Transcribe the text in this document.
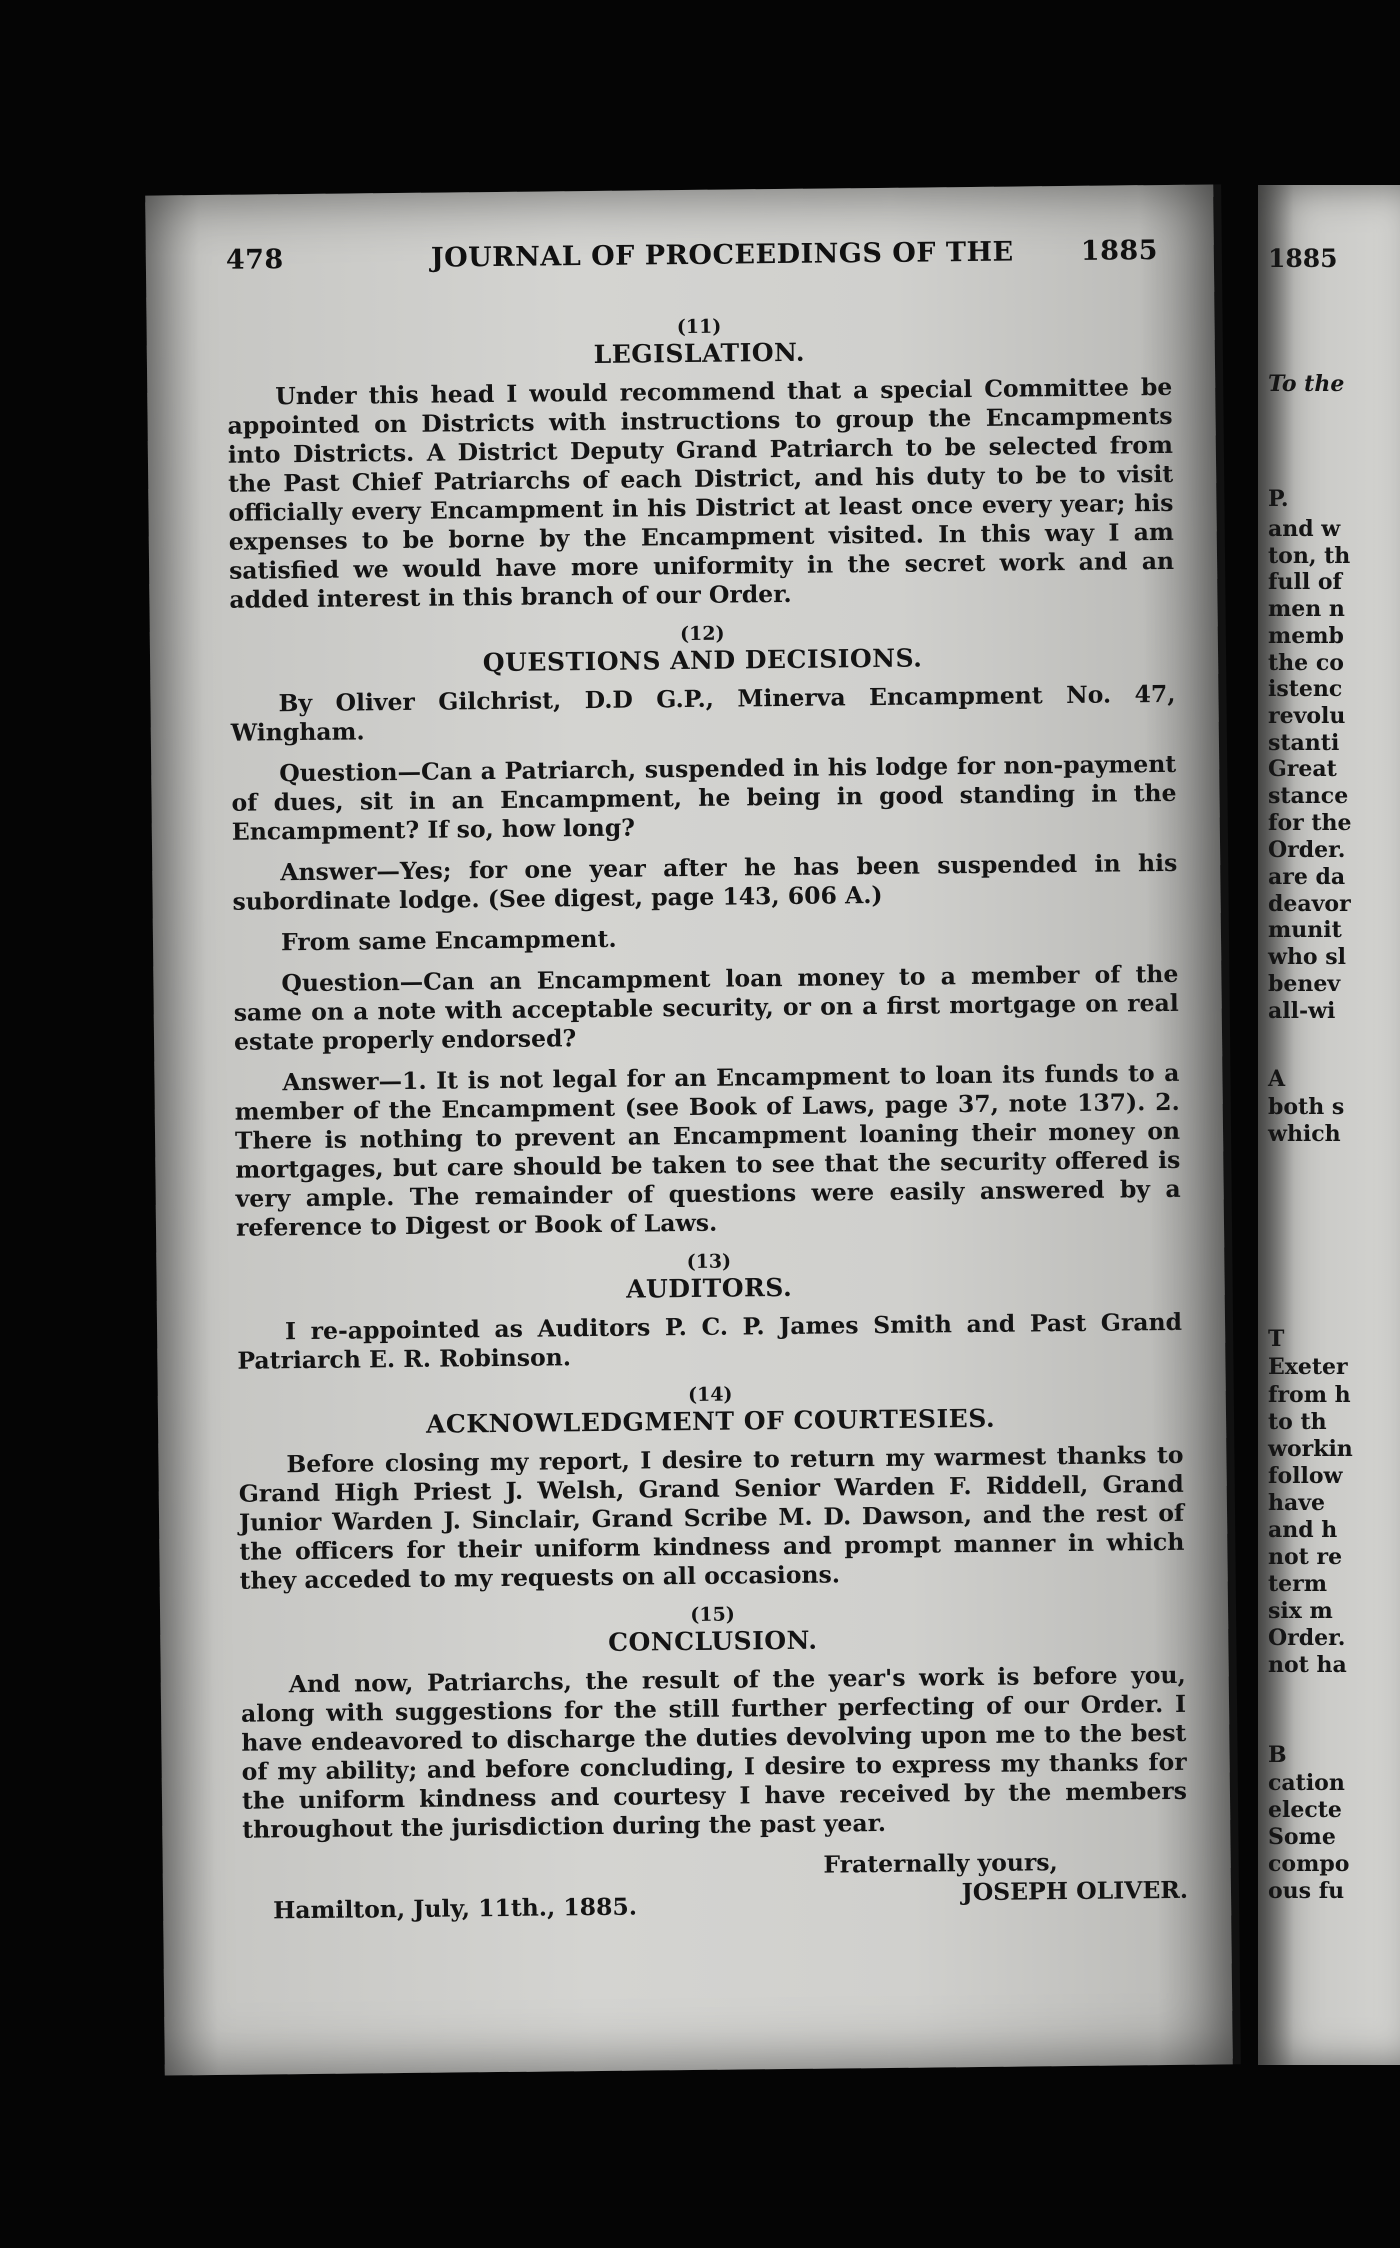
478	JOURNAL OF PROCEEDINGS OF THE 1885
(11)
LEGISLATION.

Under this head I would recommend that a special Committee be appointed on Districts with instructions to group the Encampments into Districts. A District Deputy Grand Patriarch to be selected from the Past Chief Patriarchs of each District, and his duty to be to visit officially every Encampment in his District at least once every year; his expenses to be borne by the Encampment visited. In this way I am satisfied we would have more uniformity in the secret work and an added interest in this branch of our Order.

(12)
QUESTIONS AND DECISIONS.

By Oliver Gilchrist, D.D G.P., Minerva Encampment No. 47, Wingham.

Question—Can a Patriarch, suspended in his lodge for non-payment of dues, sit in an Encampment, he being in good standing in the Encampment? If so, how long?

Answer—Yes; for one year after he has been suspended in his subordinate lodge. (See digest, page 143, 606 A.)

From same Encampment.

Question—Can an Encampment loan money to a member of the same on a note with acceptable security, or on a first mortgage on real estate properly endorsed?

Answer—1. It is not legal for an Encampment to loan its funds to a member of the Encampment (see Book of Laws, page 37, note 137). 2. There is nothing to prevent an Encampment loaning their money on mortgages, but care should be taken to see that the security offered is very ample. The remainder of questions were easily answered by a reference to Digest or Book of Laws.

(13)
AUDITORS.

I re-appointed as Auditors P. C. P. James Smith and Past Grand Patriarch E. R. Robinson.

(14)
ACKNOWLEDGMENT OF COURTESIES.

Before closing my report, I desire to return my warmest thanks to Grand High Priest J. Welsh, Grand Senior Warden F. Riddell, Grand Junior Warden J. Sinclair, Grand Scribe M. D. Dawson, and the rest of the officers for their uniform kindness and prompt manner in which they acceded to my requests on all occasions.

(15)
CONCLUSION.

And now, Patriarchs, the result of the year's work is before you, along with suggestions for the still further perfecting of our Order. I have endeavored to discharge the duties devolving upon me to the best of my ability; and before concluding, I desire to express my thanks for the uniform kindness and courtesy I have received by the members throughout the jurisdiction during the past year.

Hamilton, July, 11th., 1885.
Fraternally yours,
JOSEPH OLIVER.
1885
To the
P.
and w
ton, th
full of
men n
memb
the co
istenc
revolu
stanti
Great
stance
for the
Order.
are da
deavor
munit
who sl
benev
all-wi
A
both s
which
T
Exeter
from h
to th
workin
follow
have
and h
not re
term
six m
Order.
not ha
B
cation
electe
Some
compo
ous fu
